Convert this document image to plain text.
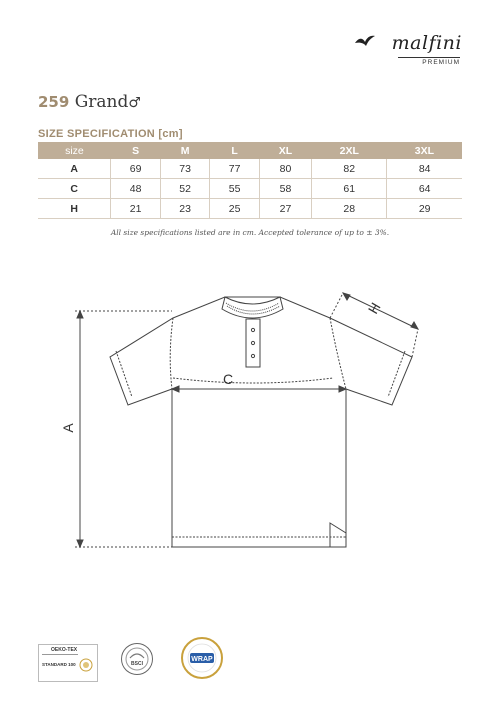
malfini
PREMIUM
259 Grand♂
SIZE SPECIFICATION [cm]
size	S	M	L	XL	2XL	3XL
A	69	73	77	80	82	84
C	48	52	55	58	61	64
H	21	23	25	27	28	29
All size specifications listed are in cm. Accepted tolerance of up to ± 3%.
A
C
H
OEKO-TEX
STANDARD 100	BSCI
WRAP
